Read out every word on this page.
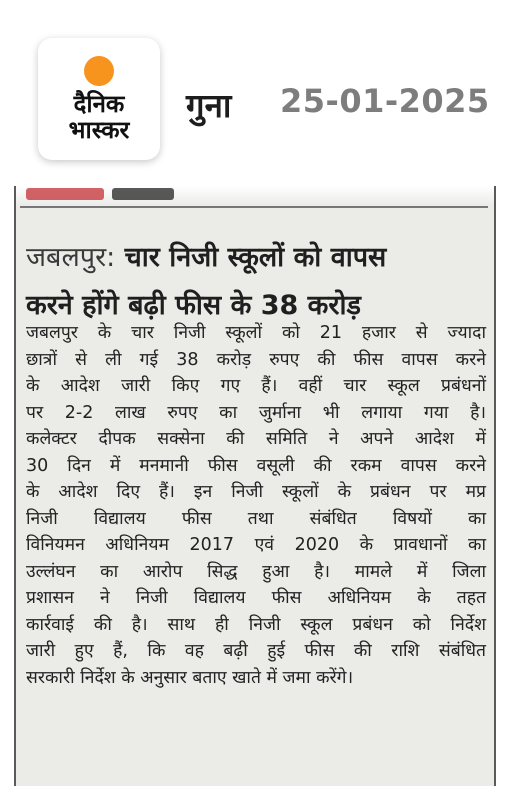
दैनिक
भास्कर
गुना 25-01-2025
जबलपुर: चार निजी स्कूलों को वापस
करने होंगे बढ़ी फीस के 38 करोड़
जबलपुर के चार निजी स्कूलों को 21 हजार से ज्यादा
छात्रों से ली गई 38 करोड़ रुपए की फीस वापस करने
के आदेश जारी किए गए हैं। वहीं चार स्कूल प्रबंधनों
पर 2-2 लाख रुपए का जुर्माना भी लगाया गया है।
कलेक्टर दीपक सक्सेना की समिति ने अपने आदेश में
30 दिन में मनमानी फीस वसूली की रकम वापस करने
के आदेश दिए हैं। इन निजी स्कूलों के प्रबंधन पर मप्र
निजी विद्यालय फीस तथा संबंधित विषयों का
विनियमन अधिनियम 2017 एवं 2020 के प्रावधानों का
उल्लंघन का आरोप सिद्ध हुआ है। मामले में जिला
प्रशासन ने निजी विद्यालय फीस अधिनियम के तहत
कार्रवाई की है। साथ ही निजी स्कूल प्रबंधन को निर्देश
जारी हुए हैं, कि वह बढ़ी हुई फीस की राशि संबंधित
सरकारी निर्देश के अनुसार बताए खाते में जमा करेंगे।
